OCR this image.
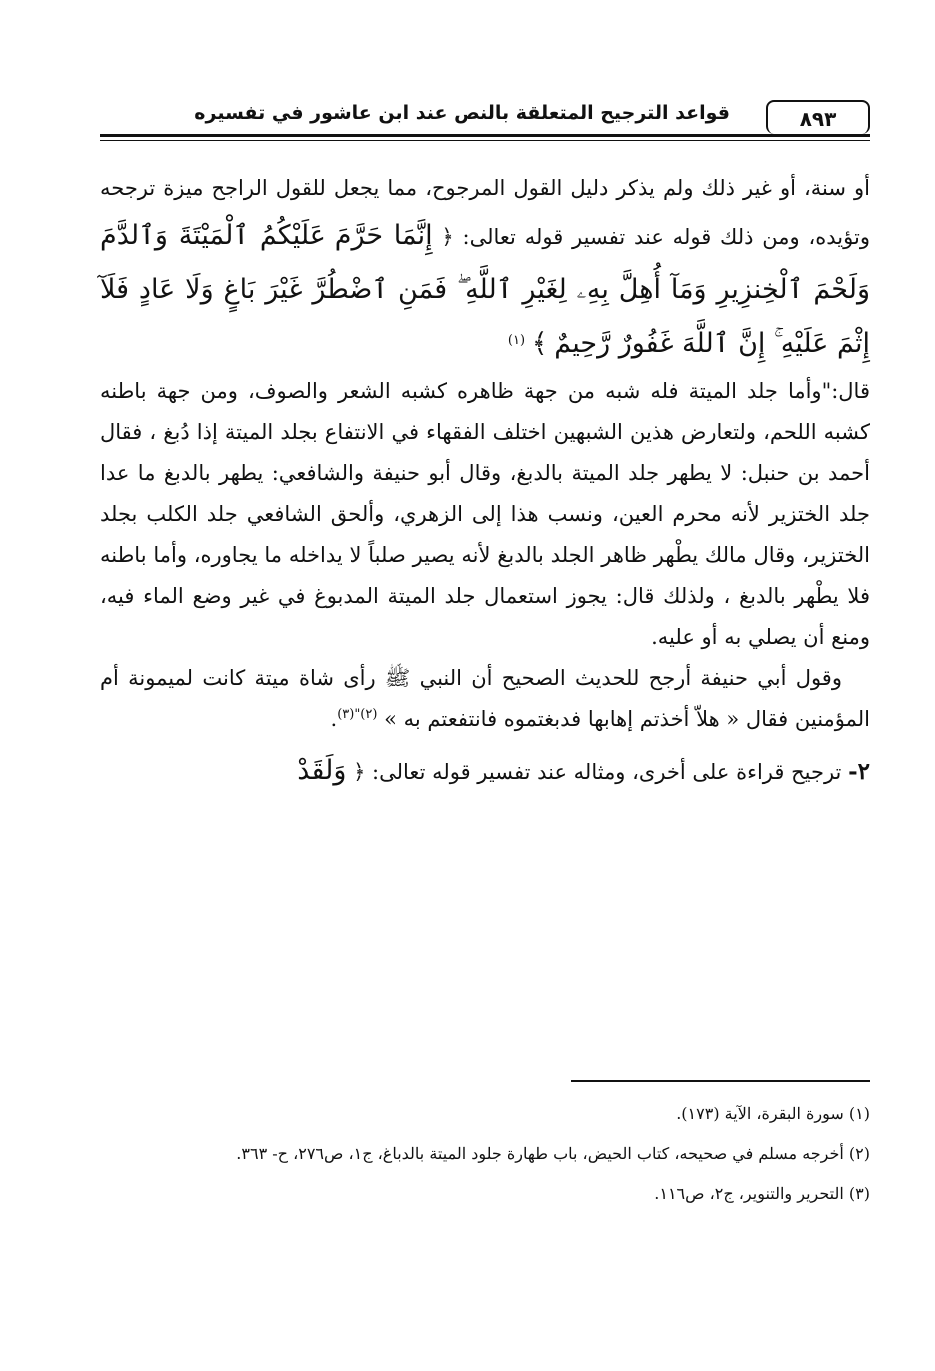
قواعد الترجيح المتعلقة بالنص عند ابن عاشور في تفسيره	٨٩٣

أو سنة، أو غير ذلك ولم يذكر دليل القول المرجوح، مما يجعل للقول الراجح ميزة ترجحه وتؤيده، ومن ذلك قوله عند تفسير قوله تعالى: ﴿ إِنَّمَا حَرَّمَ عَلَيْكُمُ ٱلْمَيْتَةَ وَٱلدَّمَ وَلَحْمَ ٱلْخِنزِيرِ وَمَآ أُهِلَّ بِهِۦ لِغَيْرِ ٱللَّهِ ۖ فَمَنِ ٱضْطُرَّ غَيْرَ بَاغٍ وَلَا عَادٍ فَلَآ إِثْمَ عَلَيْهِ ۚ إِنَّ ٱللَّهَ غَفُورٌ رَّحِيمٌ ﴾ $^{(١)}$

قال:"وأما جلد الميتة فله شبه من جهة ظاهره كشبه الشعر والصوف، ومن جهة باطنه كشبه اللحم، ولتعارض هذين الشبهين اختلف الفقهاء في الانتفاع بجلد الميتة إذا دُبغ ، فقال أحمد بن حنبل: لا يطهر جلد الميتة بالدبغ، وقال أبو حنيفة والشافعي: يطهر بالدبغ ما عدا جلد الختزير لأنه محرم العين، ونسب هذا إلى الزهري، وألحق الشافعي جلد الكلب بجلد الختزير، وقال مالك يطْهر ظاهر الجلد بالدبغ لأنه يصير صلباً لا يداخله ما يجاوره، وأما باطنه فلا يطْهر بالدبغ ، ولذلك قال: يجوز استعمال جلد الميتة المدبوغ في غير وضع الماء فيه، ومنع أن يصلي به أو عليه.

وقول أبي حنيفة أرجح للحديث الصحيح أن النبي ﷺ رأى شاة ميتة كانت لميمونة أم المؤمنين فقال « هلاّ أخذتم إهابها فدبغتموه فانتفعتم به » $^{(٢)"(٣)}$.

٢- ترجيح قراءة على أخرى، ومثاله عند تفسير قوله تعالى: ﴿ وَلَقَدْ

(١) سورة البقرة، الآية (١٧٣).

(٢) أخرجه مسلم في صحيحه، كتاب الحيض، باب طهارة جلود الميتة بالدباغ، ج١، ص٢٧٦، ح- ٣٦٣.

(٣) التحرير والتنوير، ج٢، ص١١٦.
